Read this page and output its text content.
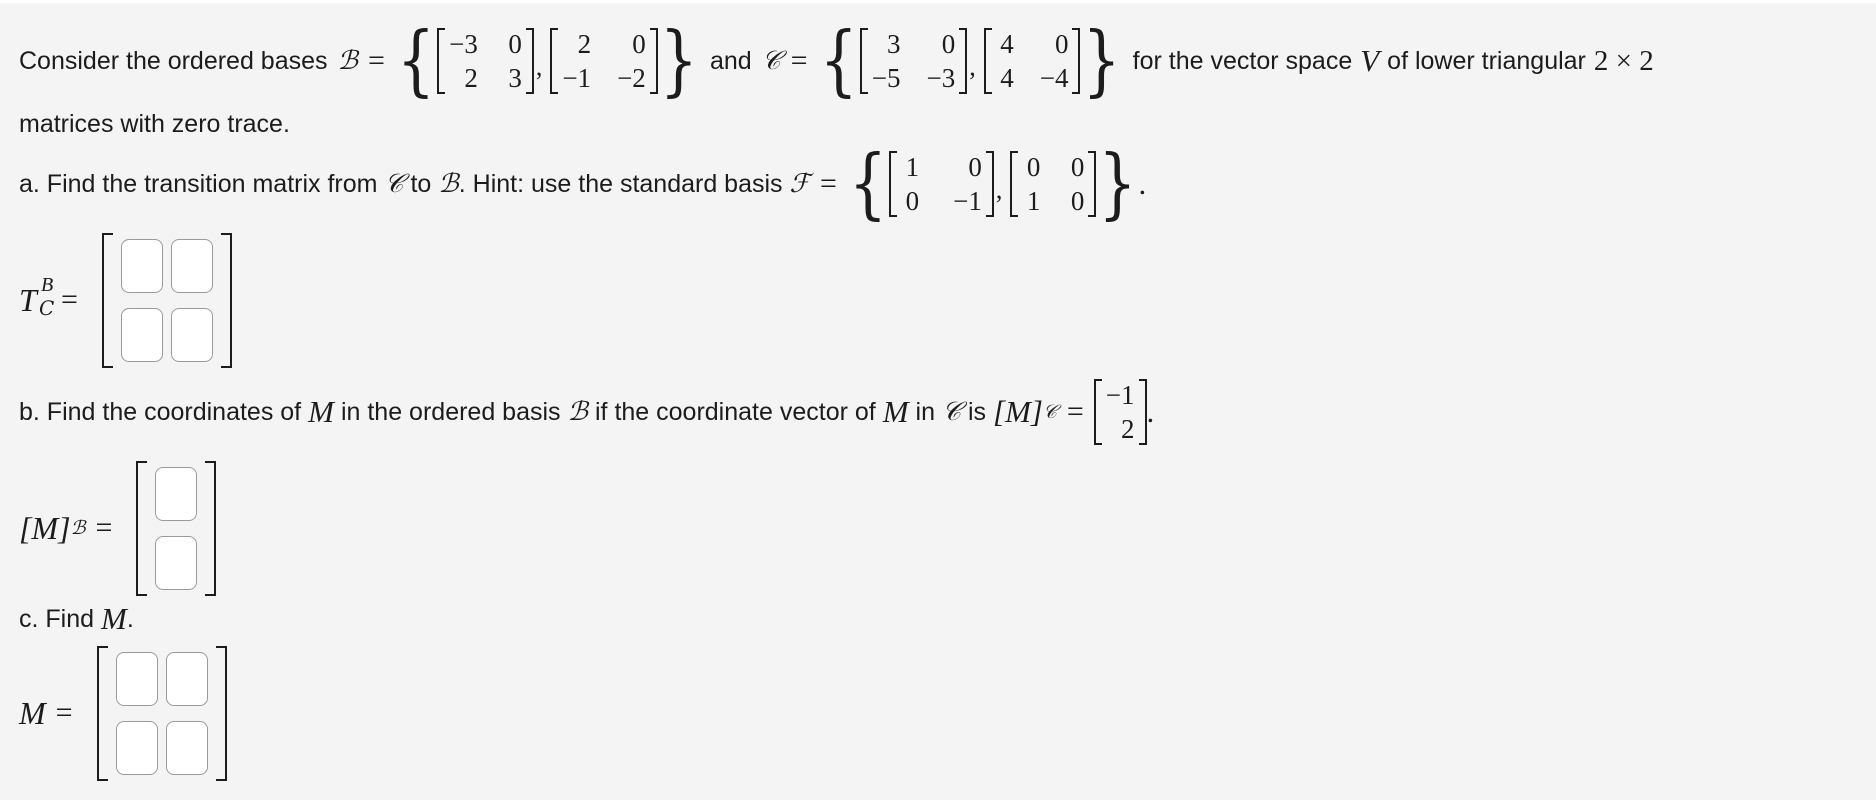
Consider the ordered bases ℬ = { −3 0
2 3 ,
2	0
−1 −2 } and 𝒞 = {	3	0
−5 −3 ,
4	0
4 −4 } for the vector space V of lower triangular 2 × 2
matrices with zero trace.
a. Find the transition matrix from 𝒞 to ℬ . Hint: use the standard basis ℱ = { 1	0
0 −1 ,
0 0
1 0 } .
T B
C =
b. Find the coordinates of M in the ordered basis ℬ if the coordinate vector of M in 𝒞 is [M] 𝒞 = −1
2 .
[M] ℬ =
c. Find M .
M =
